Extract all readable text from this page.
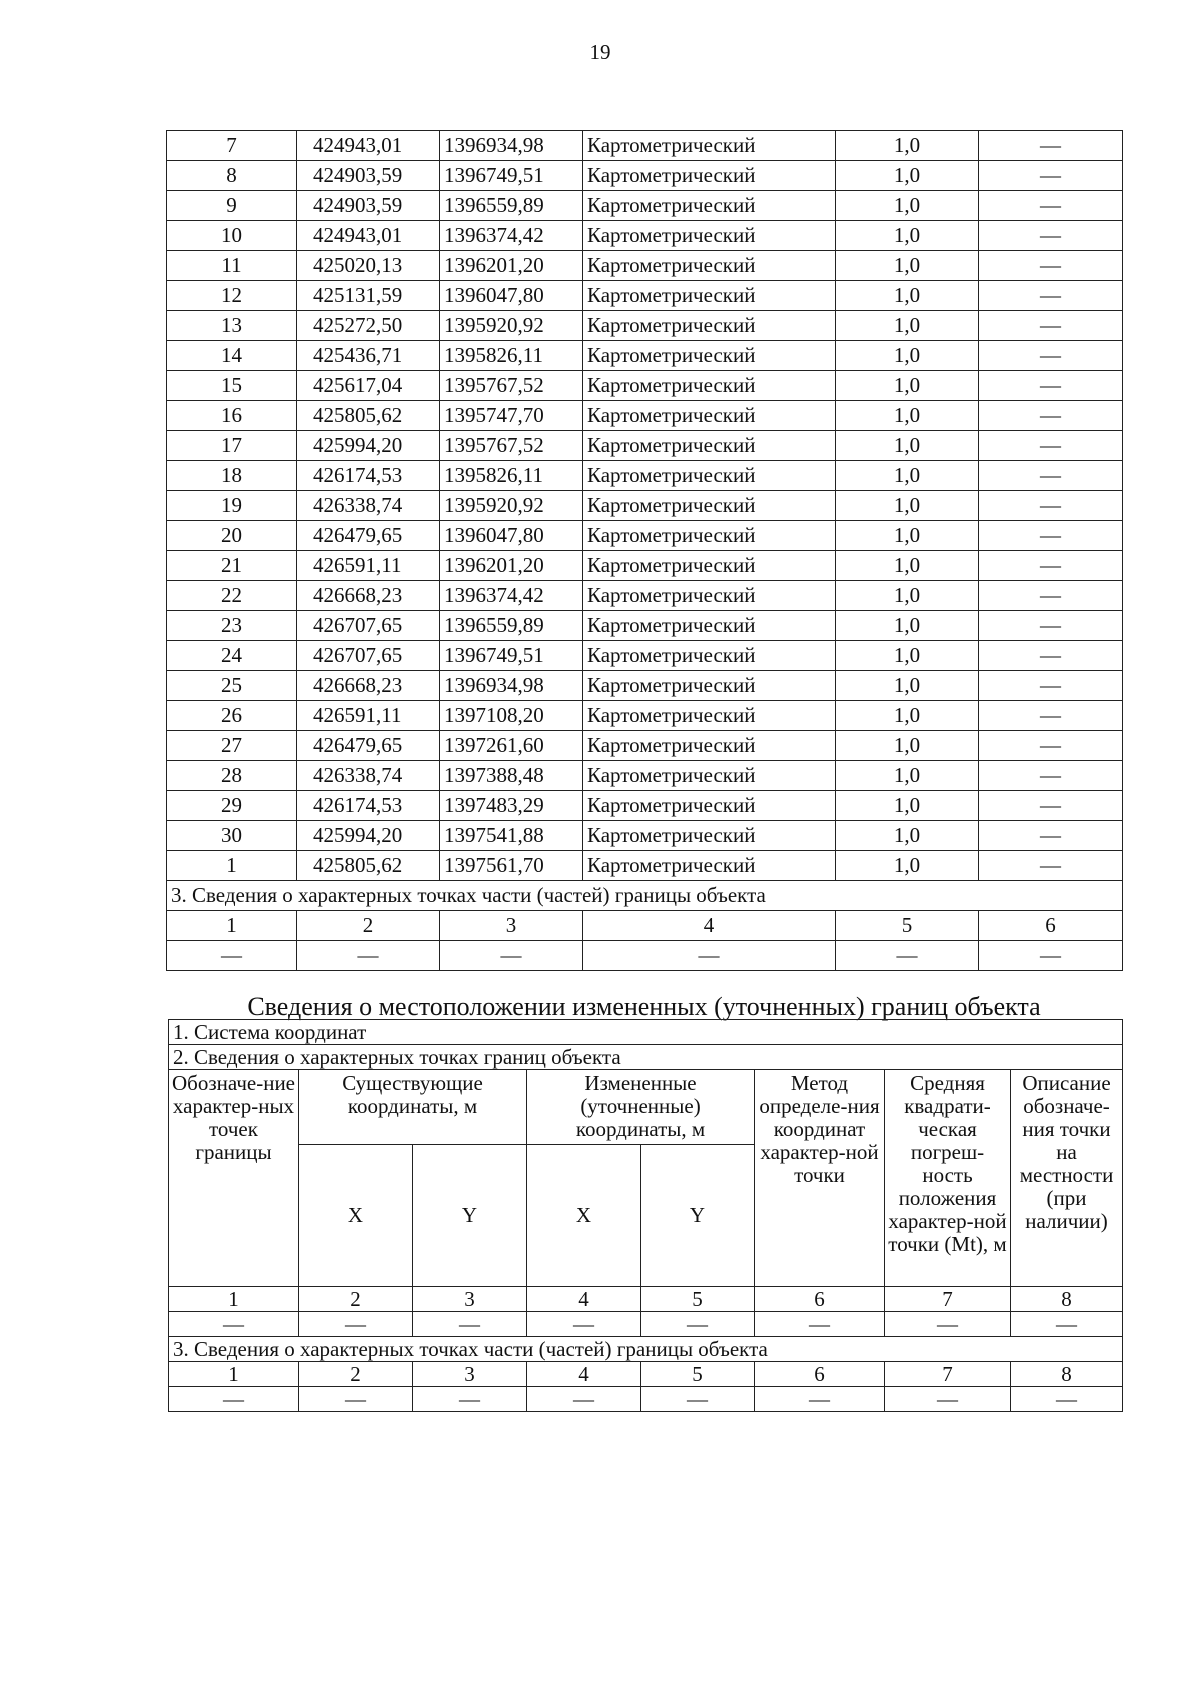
19
7	424943,01	1396934,98	Картометрический	1,0	—
8	424903,59	1396749,51	Картометрический	1,0	—
9	424903,59	1396559,89	Картометрический	1,0	—
10	424943,01	1396374,42	Картометрический	1,0	—
11	425020,13	1396201,20	Картометрический	1,0	—
12	425131,59	1396047,80	Картометрический	1,0	—
13	425272,50	1395920,92	Картометрический	1,0	—
14	425436,71	1395826,11	Картометрический	1,0	—
15	425617,04	1395767,52	Картометрический	1,0	—
16	425805,62	1395747,70	Картометрический	1,0	—
17	425994,20	1395767,52	Картометрический	1,0	—
18	426174,53	1395826,11	Картометрический	1,0	—
19	426338,74	1395920,92	Картометрический	1,0	—
20	426479,65	1396047,80	Картометрический	1,0	—
21	426591,11	1396201,20	Картометрический	1,0	—
22	426668,23	1396374,42	Картометрический	1,0	—
23	426707,65	1396559,89	Картометрический	1,0	—
24	426707,65	1396749,51	Картометрический	1,0	—
25	426668,23	1396934,98	Картометрический	1,0	—
26	426591,11	1397108,20	Картометрический	1,0	—
27	426479,65	1397261,60	Картометрический	1,0	—
28	426338,74	1397388,48	Картометрический	1,0	—
29	426174,53	1397483,29	Картометрический	1,0	—
30	425994,20	1397541,88	Картометрический	1,0	—
1	425805,62	1397561,70	Картометрический	1,0	—
3. Сведения о характерных точках части (частей) границы объекта					
1	2	3	4	5	6
—	—	—	—	—	—
Сведения о местоположении измененных (уточненных) границ объекта
1. Система координат							
2. Сведения о характерных точках границ объекта							
Обозначе-ние характер-ных точек границы	Существующие координаты, м		Измененные (уточненные) координаты, м		Метод определе-ния координат характер-ной точки	Средняя квадрати-ческая погреш-ность положения характер-ной точки (Mt), м	Описание обозначе-ния точки на местности (при наличии)
	X	Y	X	Y			
1	2	3	4	5	6	7	8
—	—	—	—	—	—	—	—
3. Сведения о характерных точках части (частей) границы объекта							
1	2	3	4	5	6	7	8
—	—	—	—	—	—	—	—
